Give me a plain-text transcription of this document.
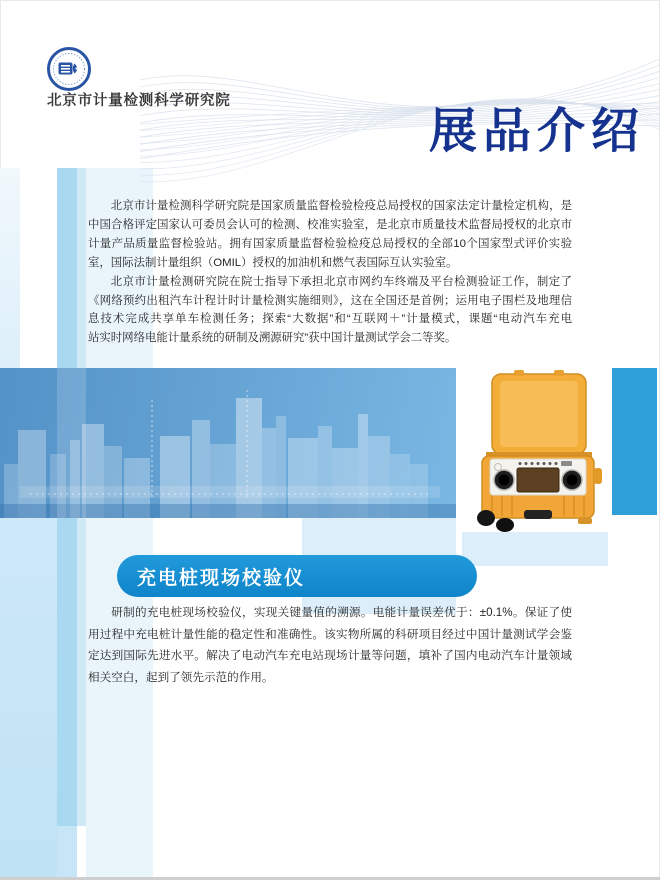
北京市计量检测科学研究院
展品介绍
北京市计量检测科学研究院是国家质量监督检验检疫总局授权的国家法定计量检定机构，是
中国合格评定国家认可委员会认可的检测、校准实验室，是北京市质量技术监督局授权的北京市
计量产品质量监督检验站。拥有国家质量监督检验检疫总局授权的全部10个国家型式评价实验
室，国际法制计量组织（OMIL）授权的加油机和燃气表国际互认实验室。
北京市计量检测研究院在院士指导下承担北京市网约车终端及平台检测验证工作，制定了
《网络预约出租汽车计程计时计量检测实施细则》，这在全国还是首例；运用电子围栏及地理信
息技术完成共享单车检测任务；探索“大数据”和“互联网＋”计量模式，课题“电动汽车充电
站实时网络电能计量系统的研制及溯源研究”获中国计量测试学会二等奖。
充电桩现场校验仪
研制的充电桩现场校验仪，实现关键量值的溯源。电能计量误差优于：±0.1%。保证了使
用过程中充电桩计量性能的稳定性和准确性。该实物所属的科研项目经过中国计量测试学会鉴
定达到国际先进水平。解决了电动汽车充电站现场计量等问题，填补了国内电动汽车计量领域
相关空白，起到了领先示范的作用。
